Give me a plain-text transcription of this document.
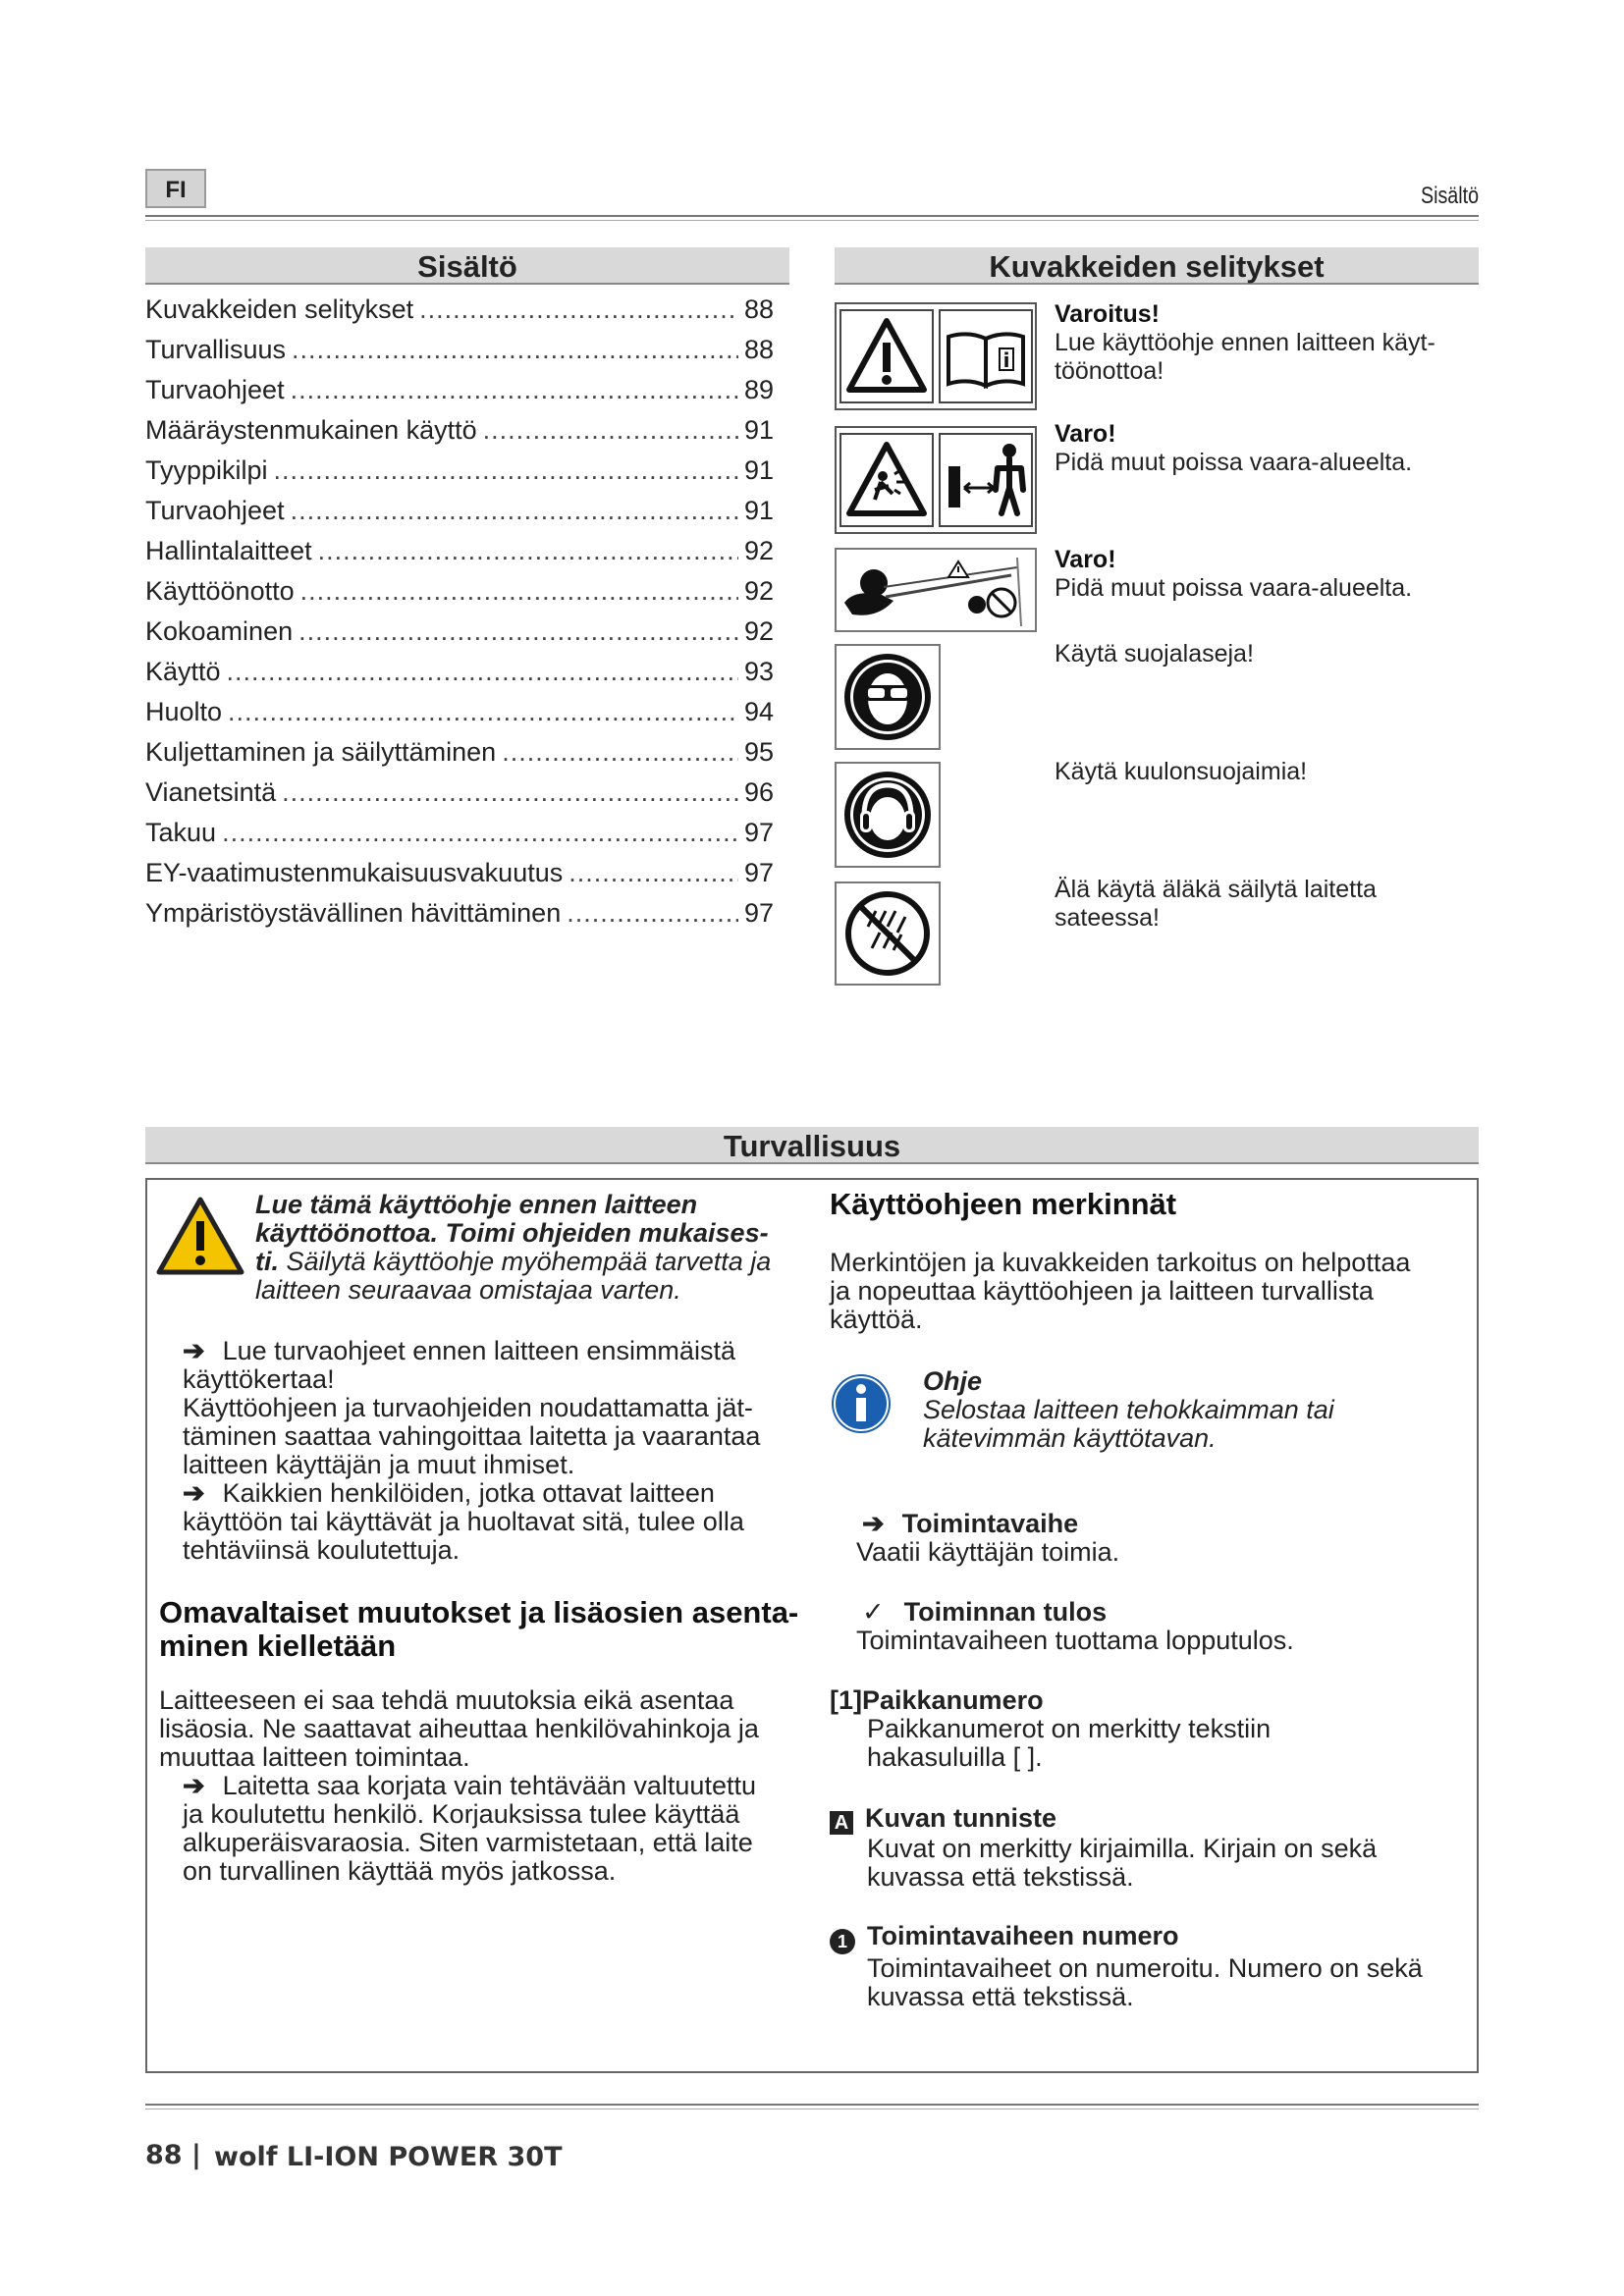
FI	Sisältö
Sisältö
Kuvakkeiden selitykset .....	88
Turvallisuus .....	88
Turvaohjeet .....	89
Määräystenmukainen käyttö .....	91
Tyyppikilpi .....	91
Turvaohjeet .....	91
Hallintalaitteet .....	92
Käyttöönotto .....	92
Kokoaminen .....	92
Käyttö .....	93
Huolto .....	94
Kuljettaminen ja säilyttäminen .....	95
Vianetsintä .....	96
Takuu .....	97
EY-vaatimustenmukaisuusvakuutus .....	97
Ympäristöystävällinen hävittäminen .....	97
Kuvakkeiden selitykset
i
Varoitus!
Lue käyttöohje ennen laitteen käyt-
töönottoa!
Varo!
Pidä muut poissa vaara-alueelta.
Varo!
Pidä muut poissa vaara-alueelta.
Käytä suojalaseja!
Käytä kuulonsuojaimia!
Älä käytä äläkä säilytä laitetta
sateessa!
Turvallisuus
Lue tämä käyttöohje ennen laitteen
käyttöönottoa. Toimi ohjeiden mukaises-
ti. Säilytä käyttöohje myöhempää tarvetta ja
laitteen seuraavaa omistajaa varten.
➔ Lue turvaohjeet ennen laitteen ensimmäistä
käyttökertaa!
Käyttöohjeen ja turvaohjeiden noudattamatta jät-
täminen saattaa vahingoittaa laitetta ja vaarantaa
laitteen käyttäjän ja muut ihmiset.
➔ Kaikkien henkilöiden, jotka ottavat laitteen
käyttöön tai käyttävät ja huoltavat sitä, tulee olla
tehtäviinsä koulutettuja.
Omavaltaiset muutokset ja lisäosien asenta-
minen kielletään
Laitteeseen ei saa tehdä muutoksia eikä asentaa
lisäosia. Ne saattavat aiheuttaa henkilövahinkoja ja
muuttaa laitteen toimintaa.
➔ Laitetta saa korjata vain tehtävään valtuutettu
ja koulutettu henkilö. Korjauksissa tulee käyttää
alkuperäisvaraosia. Siten varmistetaan, että laite
on turvallinen käyttää myös jatkossa.
Käyttöohjeen merkinnät
Merkintöjen ja kuvakkeiden tarkoitus on helpottaa
ja nopeuttaa käyttöohjeen ja laitteen turvallista
käyttöä.
Ohje
Selostaa laitteen tehokkaimman tai
kätevimmän käyttötavan.
➔ Toimintavaihe
Vaatii käyttäjän toimia.
✓ Toiminnan tulos
Toimintavaiheen tuottama lopputulos.
[1]Paikkanumero
Paikkanumerot on merkitty tekstiin
hakasuluilla [ ].
A Kuvan tunniste
Kuvat on merkitty kirjaimilla. Kirjain on sekä
kuvassa että tekstissä.
1 Toimintavaiheen numero
Toimintavaiheet on numeroitu. Numero on sekä
kuvassa että tekstissä.
88 | wolf LI-ION POWER 30T
